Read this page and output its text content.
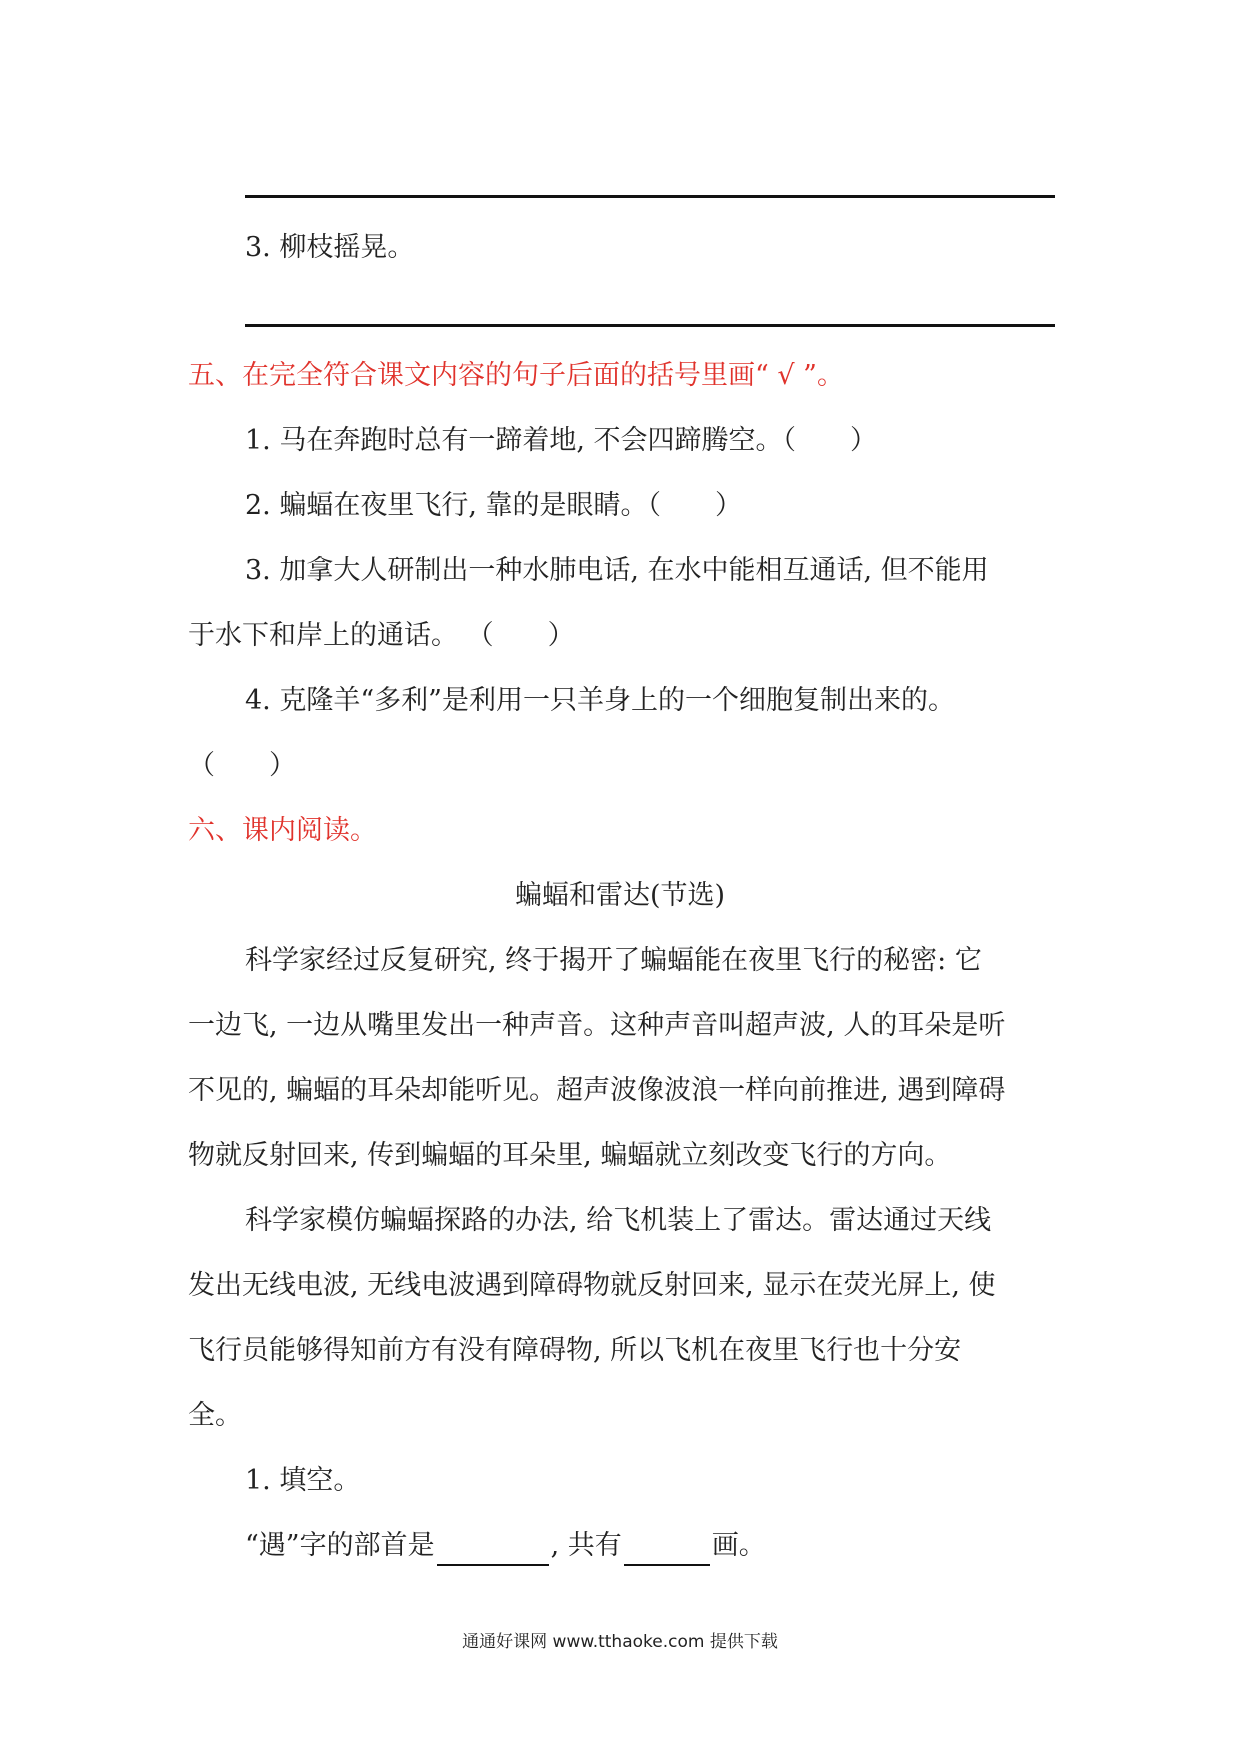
3. 柳枝摇晃。
五、在完全符合课文内容的句子后面的括号里画“ √ ”。
1. 马在奔跑时总有一蹄着地, 不会四蹄腾空。（　　）
2. 蝙蝠在夜里飞行, 靠的是眼睛。（　　）
3. 加拿大人研制出一种水肺电话, 在水中能相互通话, 但不能用
于水下和岸上的通话。 （　　）
4. 克隆羊“多利”是利用一只羊身上的一个细胞复制出来的。
（　　）
六、课内阅读。
蝙蝠和雷达(节选)
科学家经过反复研究, 终于揭开了蝙蝠能在夜里飞行的秘密: 它
一边飞, 一边从嘴里发出一种声音。这种声音叫超声波, 人的耳朵是听
不见的, 蝙蝠的耳朵却能听见。超声波像波浪一样向前推进, 遇到障碍
物就反射回来, 传到蝙蝠的耳朵里, 蝙蝠就立刻改变飞行的方向。
科学家模仿蝙蝠探路的办法, 给飞机装上了雷达。雷达通过天线
发出无线电波, 无线电波遇到障碍物就反射回来, 显示在荧光屏上, 使
飞行员能够得知前方有没有障碍物, 所以飞机在夜里飞行也十分安
全。
1. 填空。
“遇”字的部首是	, 共有	画。
通通好课网 www.tthaoke.com 提供下载
